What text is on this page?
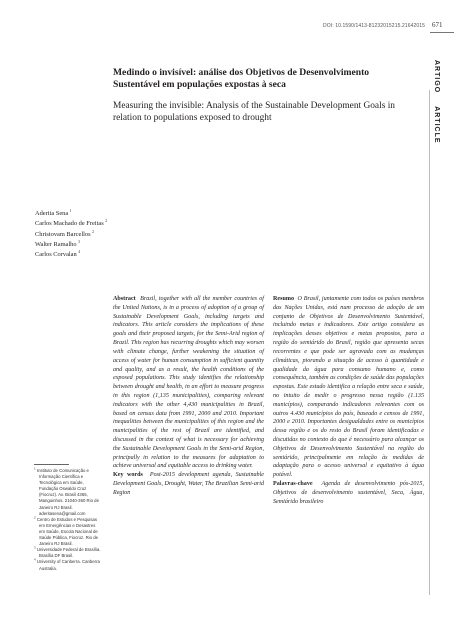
DOI: 10.1590/1413-81232015215.21642015 671
ARTIGO ARTICLE
Medindo o invisível: análise dos Objetivos de Desenvolvimento Sustentável em populações expostas à seca
Measuring the invisible: Analysis of the Sustainable Development Goals in relation to populations exposed to drought
Aderita Sena $^1$
Carlos Machado de Freitas $^2$
Christovam Barcellos $^2$
Walter Ramalho $^3$
Carlos Corvalan $^4$
Abstract Brazil, together with all the member countries of the United Nations, is in a process of adoption of a group of Sustainable Development Goals, including targets and indicators. This article considers the implications of these goals and their proposed targets, for the Semi-Arid region of Brazil. This region has recurring droughts which may worsen with climate change, further weakening the situation of access of water for human consumption in sufficient quantity and quality, and as a result, the health conditions of the exposed populations. This study identifies the relationship between drought and health, in an effort to measure progress in this region (1,135 municipalities), comparing relevant indicators with the other 4,430 municipalities in Brazil, based on census data from 1991, 2000 and 2010. Important inequalities between the municipalities of this region and the municipalities of the rest of Brazil are identified, and discussed in the context of what is necessary for achieving the Sustainable Development Goals in the Semi-arid Region, principally in relation to the measures for adaptation to achieve universal and equitable access to drinking water.
Key words Post-2015 development agenda, Sustainable Development Goals, Drought, Water, The Brazilian Semi-arid Region
Resumo O Brasil, juntamente com todos os países membros das Nações Unidas, está num processo de adoção de um conjunto de Objetivos de Desenvolvimento Sustentável, incluindo metas e indicadores. Este artigo considera as implicações desses objetivos e metas propostos, para a região do semiárido do Brasil, região que apresenta secas recorrentes e que pode ser agravada com as mudanças climáticas, piorando a situação de acesso à quantidade e qualidade da água para consumo humano e, como consequência, também as condições de saúde das populações expostas. Este estudo identifica a relação entre seca e saúde, no intuito de medir o progresso nessa região (1.135 municípios), comparando indicadores relevantes com os outros 4.430 municípios do país, baseado e censos de 1991, 2000 e 2010. Importantes desigualdades entre os municípios dessa região e os do resto do Brasil foram identificadas e discutidas no contexto do que é necessário para alcançar os Objetivos de Desenvolvimento Sustentável na região do semiárido, principalmente em relação às medidas de adaptação para o acesso universal e equitativo à água potável.
Palavras-chave Agenda de desenvolvimento pós-2015, Objetivos de desenvolvimento sustentável, Seca, Água, Semiárido brasileiro

$^1$ Instituto de Comunicação e Informação Científica e Tecnológica em Saúde, Fundação Oswaldo Cruz (Fiocruz). Av. Brasil 4365, Manguinhos. 21040-360 Rio de Janeiro RJ Brasil. aderitasena@gmail.com

$^2$ Centro de Estudos e Pesquisas em Emergências e Desastres em Saúde, Escola Nacional de Saúde Pública, Fiocruz. Rio de Janeiro RJ Brasil.

$^3$ Universidade Federal de Brasília. Brasília DF Brasil.

$^4$ University of Canberra. Canberra Australia.
